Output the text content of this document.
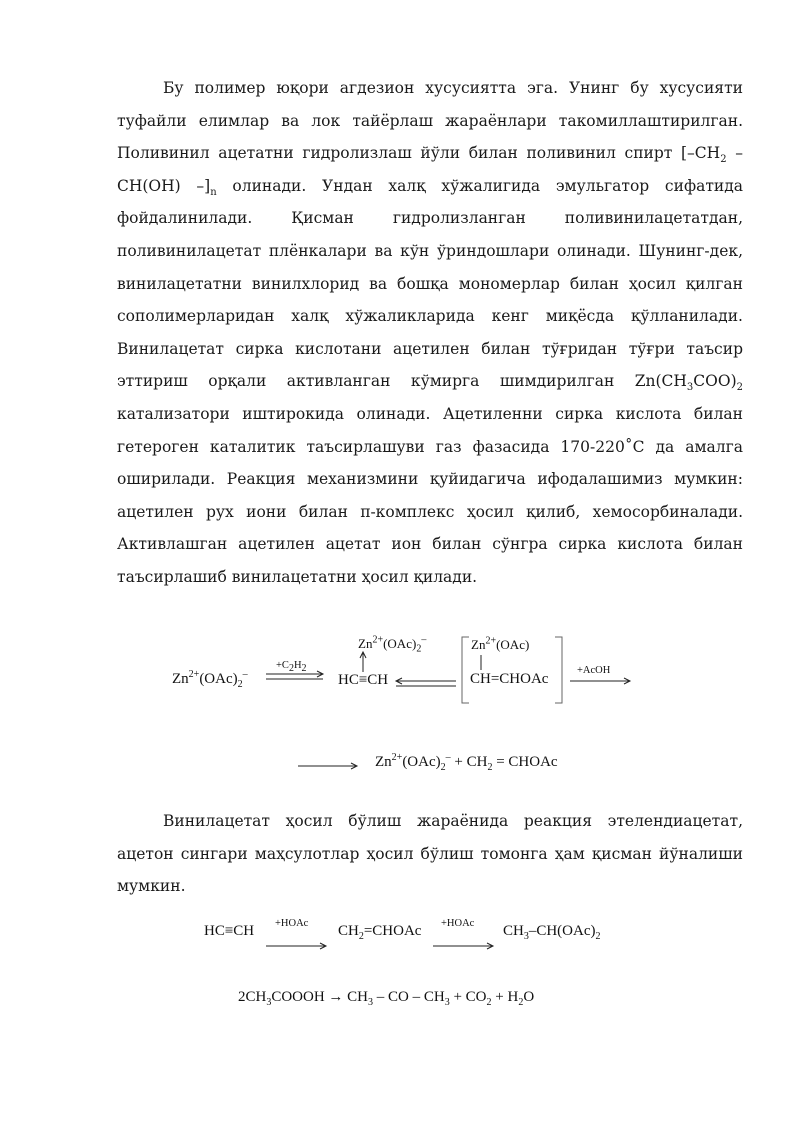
Бу полимер юқори агдезион хусусиятта эга. Унинг бу хусусияти туфайли елимлар ва лок тайёрлаш жараёнлари такомиллаштирилган. Поливинил ацетатни гидролизлаш йўли билан поливинил спирт [$-СН_2$ –СН(ОН) $-]_n$ олинади. Ундан халқ хўжалигида эмульгатор сифатида фойдалинилади. Қисман гидролизланган поливинилацетатдан, поливинилацетат плёнкалари ва кўн ўриндошлари олинади. Шунинг-дек, винилацетатни винилхлорид ва бошқа мономерлар билан ҳосил қилган сополимерларидан халқ хўжаликларида кенг миқёсда қўлланилади. Винилацетат сирка кислотани ацетилен билан тўғридан тўғри таъсир эттириш орқали активланган кўмирга шимдирилган $Zn(CH_3COO)_2$ катализатори иштирокида олинади. Ацетиленни сирка кислота билан гетероген каталитик таъсирлашуви газ фазасида 170-220˚С да амалга оширилади. Реакция механизмини қуйидагича ифодалашимиз мумкин: ацетилен рух иони билан π-комплекс ҳосил қилиб, хемосорбиналади. Активлашган ацетилен ацетат ион билан сўнгра сирка кислота билан таъсирлашиб винилацетатни ҳосил қилади.

$Zn^{2+}(OAc)_2^-$
$+C_2H_2$
$Zn^{2+}(OAc)_2^-$
HC≡CH
$Zn^{2+}(OAc)$
CH=CHOAc
+AcOH
$Zn^{2+}(OAc)_2^- + CH_2$ = CHOAc

Винилацетат ҳосил бўлиш жараёнида реакция этелендиацетат, ацетон сингари маҳсулотлар ҳосил бўлиш томонга ҳам қисман йўналиши мумкин.

HC≡CH +HOAc $CH_2=CHOAc$ +HOAc $CH_3-CH(OAc)_2$
$2CH_3COOOH \to CH_3$ – CO – $CH_3 + CO_2 + H_2O$
